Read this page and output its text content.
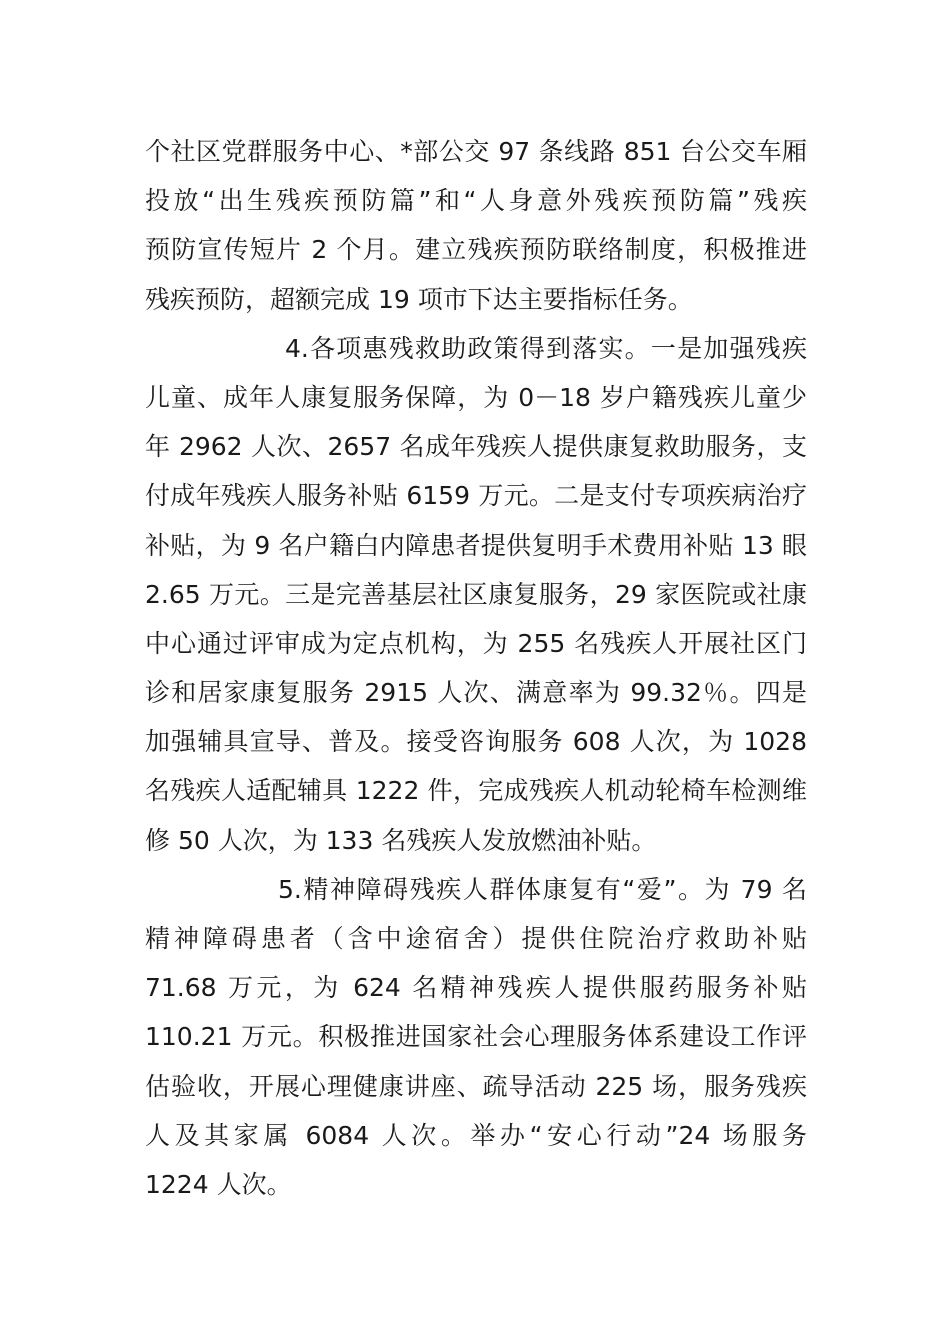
个社区党群服务中心、*部公交 97 条线路 851 台公交车厢
投放“出生残疾预防篇”和“人身意外残疾预防篇”残疾
预防宣传短片 2 个月。建立残疾预防联络制度，积极推进
残疾预防，超额完成 19 项市下达主要指标任务。
4.各项惠残救助政策得到落实。一是加强残疾
儿童、成年人康复服务保障，为 0－18 岁户籍残疾儿童少
年 2962 人次、2657 名成年残疾人提供康复救助服务，支
付成年残疾人服务补贴 6159 万元。二是支付专项疾病治疗
补贴，为 9 名户籍白内障患者提供复明手术费用补贴 13 眼
2.65 万元。三是完善基层社区康复服务，29 家医院或社康
中心通过评审成为定点机构，为 255 名残疾人开展社区门
诊和居家康复服务 2915 人次、满意率为 99.32％。四是
加强辅具宣导、普及。接受咨询服务 608 人次，为 1028
名残疾人适配辅具 1222 件，完成残疾人机动轮椅车检测维
修 50 人次，为 133 名残疾人发放燃油补贴。
5.精神障碍残疾人群体康复有“爱”。为 79 名
精神障碍患者（含中途宿舍）提供住院治疗救助补贴
71.68 万元，为 624 名精神残疾人提供服药服务补贴
110.21 万元。积极推进国家社会心理服务体系建设工作评
估验收，开展心理健康讲座、疏导活动 225 场，服务残疾
人及其家属 6084 人次。举办“安心行动”24 场服务
1224 人次。
